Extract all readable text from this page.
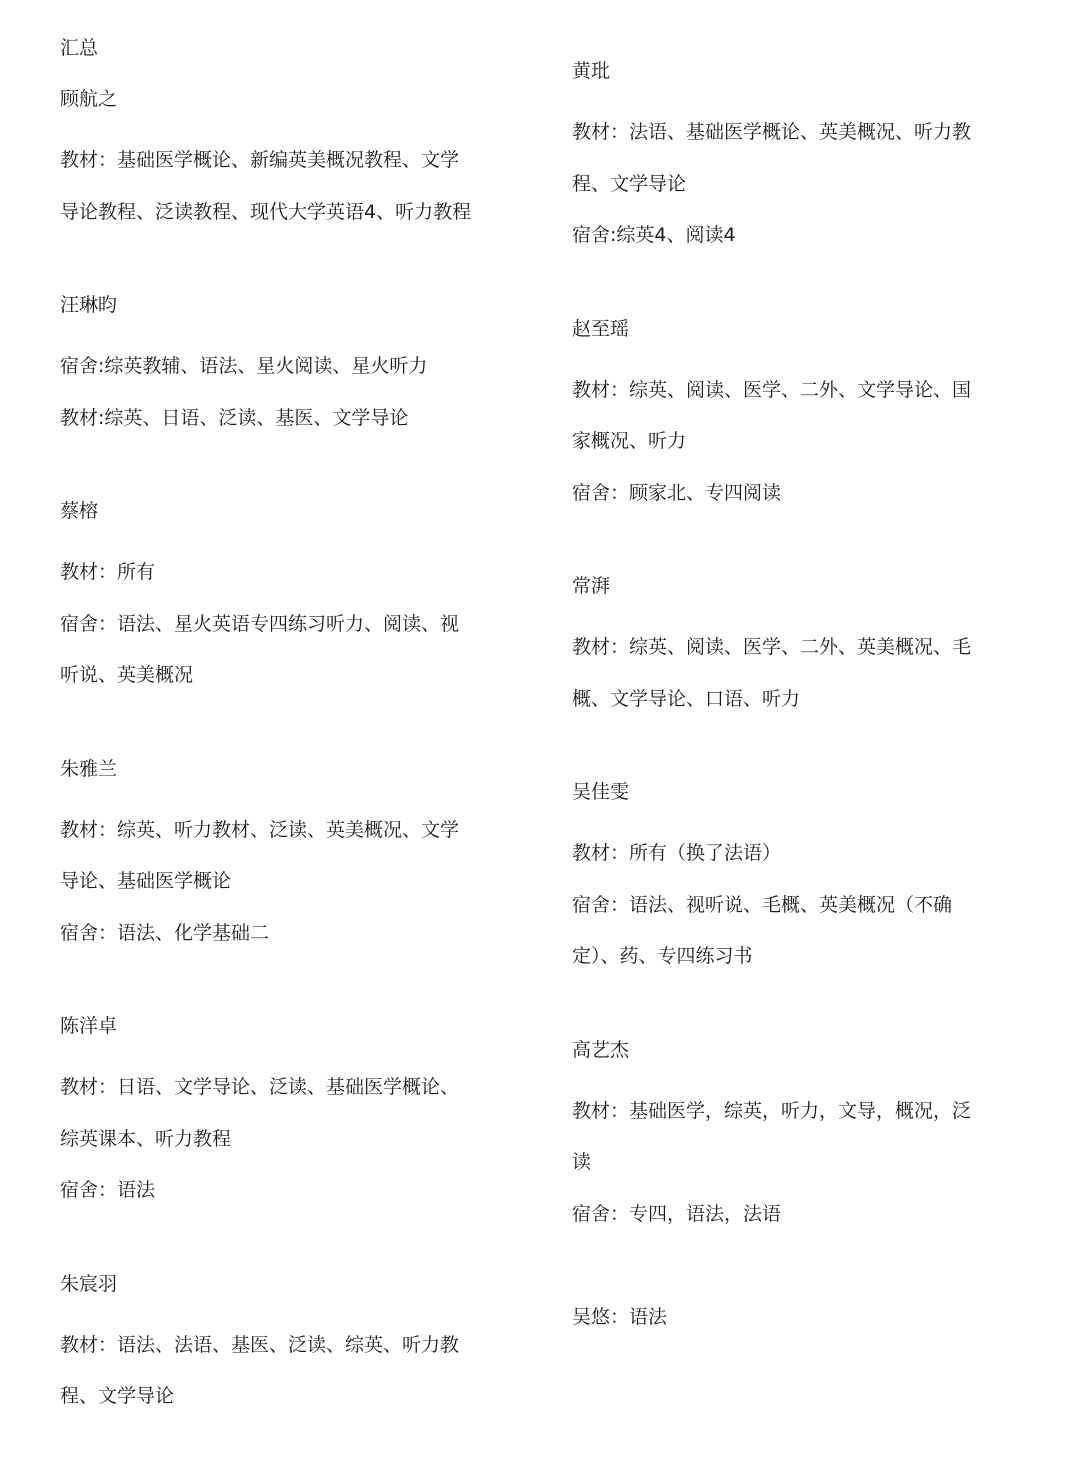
汇总
顾航之
教材：基础医学概论、新编英美概况教程、文学
导论教程、泛读教程、现代大学英语4、听力教程
汪琳昀
宿舍:综英教辅、语法、星火阅读、星火听力
教材:综英、日语、泛读、基医、文学导论
蔡榕
教材：所有
宿舍：语法、星火英语专四练习听力、阅读、视
听说、英美概况
朱雅兰
教材：综英、听力教材、泛读、英美概况、文学
导论、基础医学概论
宿舍：语法、化学基础二
陈洋卓
教材：日语、文学导论、泛读、基础医学概论、
综英课本、听力教程
宿舍：语法
朱宸羽
教材：语法、法语、基医、泛读、综英、听力教
程、文学导论
黄玭
教材：法语、基础医学概论、英美概况、听力教
程、文学导论
宿舍:综英4、阅读4
赵至瑶
教材：综英、阅读、医学、二外、文学导论、国
家概况、听力
宿舍：顾家北、专四阅读
常湃
教材：综英、阅读、医学、二外、英美概况、毛
概、文学导论、口语、听力
吴佳雯
教材：所有（换了法语）
宿舍：语法、视听说、毛概、英美概况（不确
定）、药、专四练习书
高艺杰
教材：基础医学，综英，听力，文导，概况，泛
读
宿舍：专四，语法，法语
吴悠：语法
